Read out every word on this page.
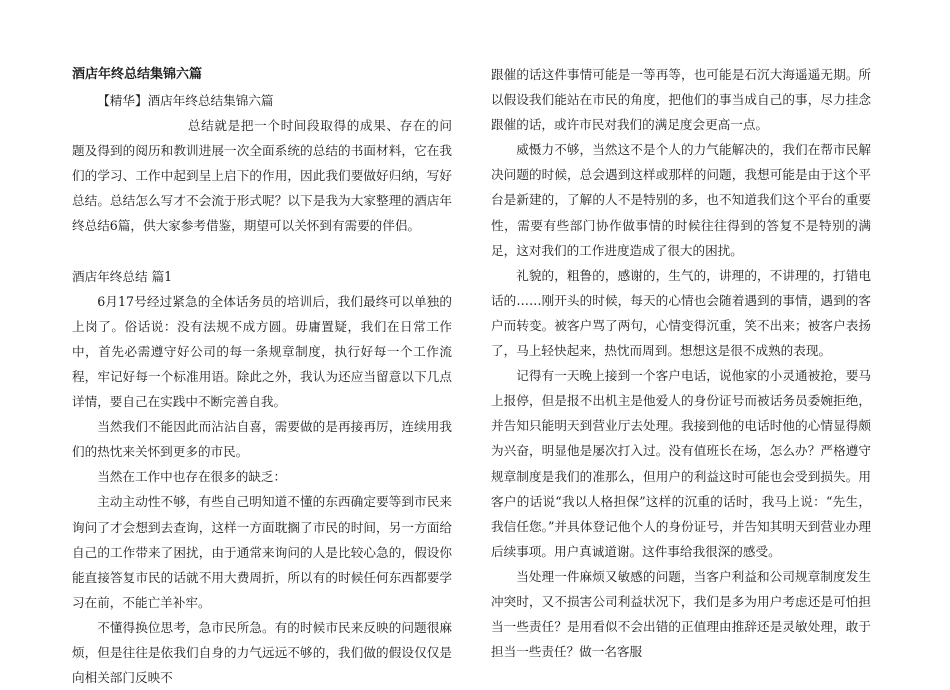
酒店年终总结集锦六篇

【精华】酒店年终总结集锦六篇

总结就是把一个时间段取得的成果、存在的问题及得到的阅历和教训进展一次全面系统的总结的书面材料，它在我们的学习、工作中起到呈上启下的作用，因此我们要做好归纳，写好总结。总结怎么写才不会流于形式呢？以下是我为大家整理的酒店年终总结6篇，供大家参考借鉴，期望可以关怀到有需要的伴侣。

酒店年终总结 篇1

6月17号经过紧急的全体话务员的培训后，我们最终可以单独的上岗了。俗话说：没有法规不成方圆。毋庸置疑，我们在日常工作中，首先必需遵守好公司的每一条规章制度，执行好每一个工作流程，牢记好每一个标准用语。除此之外，我认为还应当留意以下几点详情，要自己在实践中不断完善自我。

当然我们不能因此而沾沾自喜，需要做的是再接再厉，连续用我们的热忱来关怀到更多的市民。

当然在工作中也存在很多的缺乏：

主动主动性不够，有些自己明知道不懂的东西确定要等到市民来询问了才会想到去查询，这样一方面耽搁了市民的时间，另一方面给自己的工作带来了困扰，由于通常来询问的人是比较心急的，假设你能直接答复市民的话就不用大费周折，所以有的时候任何东西都要学习在前，不能亡羊补牢。

不懂得换位思考，急市民所急。有的时候市民来反映的问题很麻烦，但是往往是依我们自身的力气远远不够的，我们做的假设仅仅是向相关部门反映不

跟催的话这件事情可能是一等再等，也可能是石沉大海遥遥无期。所以假设我们能站在市民的角度，把他们的事当成自己的事，尽力挂念跟催的话，或许市民对我们的满足度会更高一点。

威慑力不够，当然这不是个人的力气能解决的，我们在帮市民解决问题的时候，总会遇到这样或那样的问题，我想可能是由于这个平台是新建的，了解的人不是特别的多，也不知道我们这个平台的重要性，需要有些部门协作做事情的时候往往得到的答复不是特别的满足，这对我们的工作进度造成了很大的困扰。

礼貌的，粗鲁的，感谢的，生气的，讲理的，不讲理的，打错电话的……刚开头的时候，每天的心情也会随着遇到的事情，遇到的客户而转变。被客户骂了两句，心情变得沉重，笑不出来；被客户表扬了，马上轻快起来，热忱而周到。想想这是很不成熟的表现。

记得有一天晚上接到一个客户电话，说他家的小灵通被抢，要马上报停，但是报不出机主是他爱人的身份证号而被话务员委婉拒绝，并告知只能明天到营业厅去处理。我接到他的电话时他的心情显得颇为兴奋，明显他是屡次打入过。没有值班长在场，怎么办？严格遵守规章制度是我们的准那么，但用户的利益这时可能也会受到损失。用客户的话说“我以人格担保”这样的沉重的话时，我马上说：“先生，我信任您。”并具体登记他个人的身份证号，并告知其明天到营业办理后续事项。用户真诚道谢。这件事给我很深的感受。

当处理一件麻烦又敏感的问题，当客户利益和公司规章制度发生冲突时，又不损害公司利益状况下，我们是多为用户考虑还是可怕担当一些责任？是用看似不会出错的正值理由推辞还是灵敏处理，敢于担当一些责任？做一名客服
